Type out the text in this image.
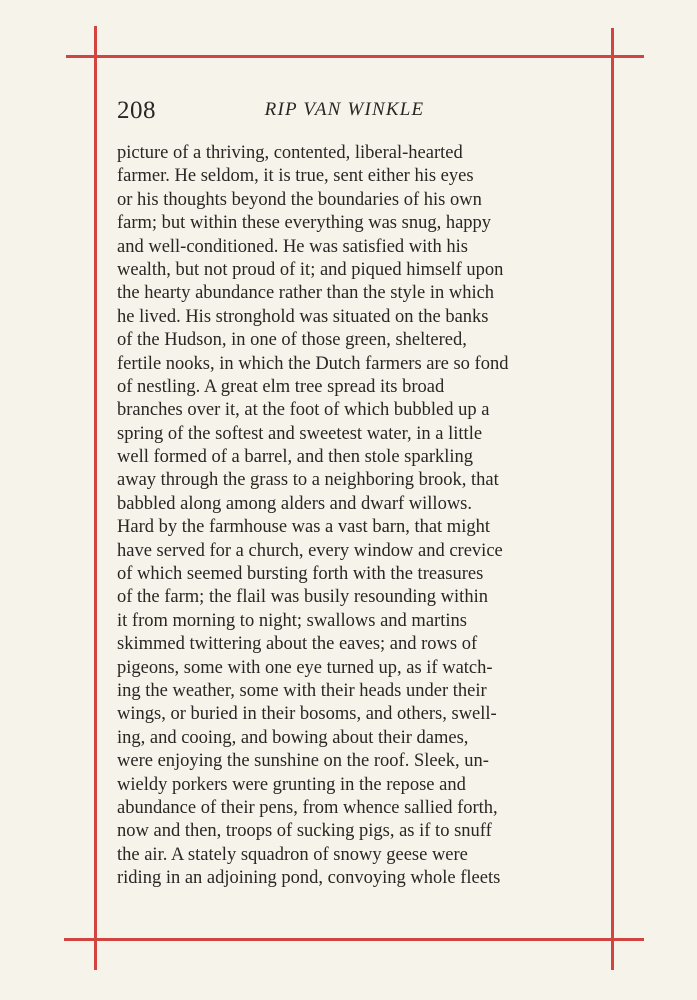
208	RIP VAN WINKLE
picture of a thriving, contented, liberal-hearted
farmer. He seldom, it is true, sent either his eyes
or his thoughts beyond the boundaries of his own
farm; but within these everything was snug, happy
and well-conditioned. He was satisfied with his
wealth, but not proud of it; and piqued himself upon
the hearty abundance rather than the style in which
he lived. His stronghold was situated on the banks
of the Hudson, in one of those green, sheltered,
fertile nooks, in which the Dutch farmers are so fond
of nestling. A great elm tree spread its broad
branches over it, at the foot of which bubbled up a
spring of the softest and sweetest water, in a little
well formed of a barrel, and then stole sparkling
away through the grass to a neighboring brook, that
babbled along among alders and dwarf willows.
Hard by the farmhouse was a vast barn, that might
have served for a church, every window and crevice
of which seemed bursting forth with the treasures
of the farm; the flail was busily resounding within
it from morning to night; swallows and martins
skimmed twittering about the eaves; and rows of
pigeons, some with one eye turned up, as if watch-
ing the weather, some with their heads under their
wings, or buried in their bosoms, and others, swell-
ing, and cooing, and bowing about their dames,
were enjoying the sunshine on the roof. Sleek, un-
wieldy porkers were grunting in the repose and
abundance of their pens, from whence sallied forth,
now and then, troops of sucking pigs, as if to snuff
the air. A stately squadron of snowy geese were
riding in an adjoining pond, convoying whole fleets
